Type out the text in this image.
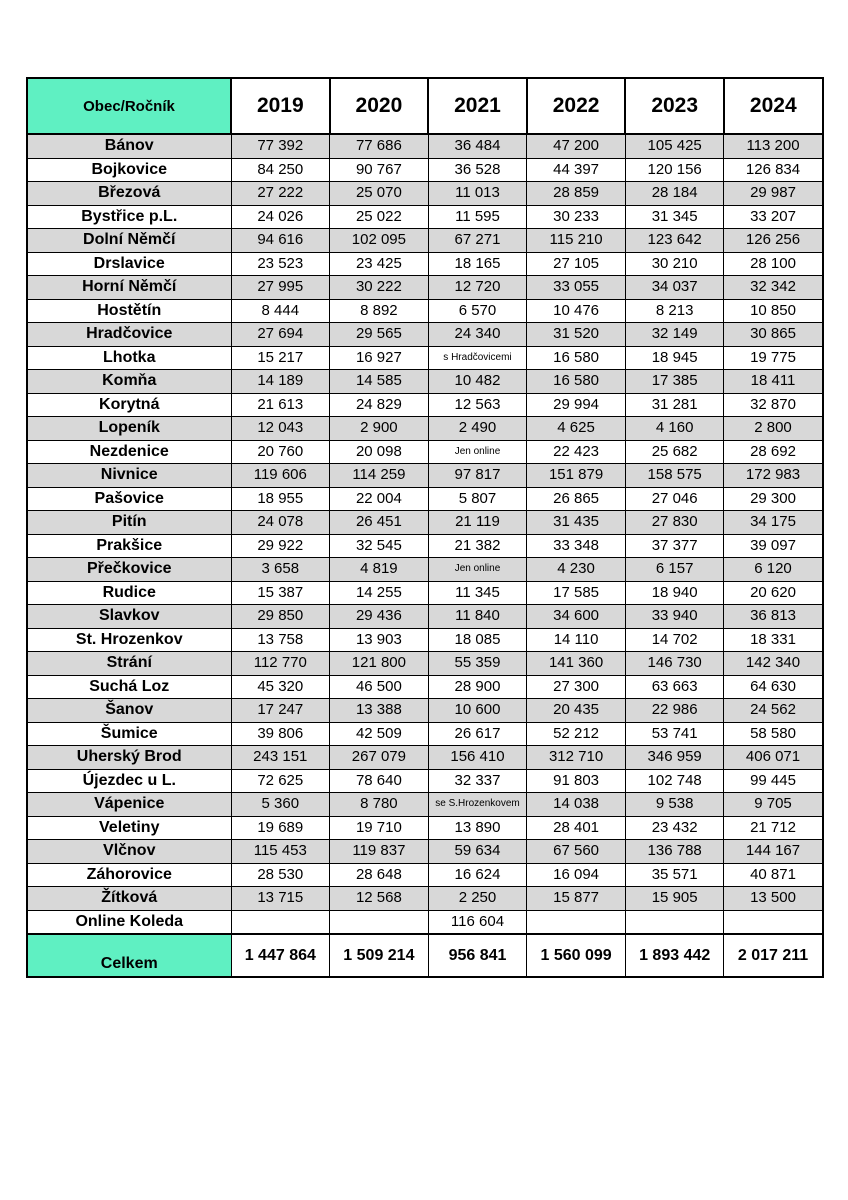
Obec/Ročník	2019	2020	2021	2022	2023	2024
Bánov	77 392	77 686	36 484	47 200	105 425	113 200
Bojkovice	84 250	90 767	36 528	44 397	120 156	126 834
Březová	27 222	25 070	11 013	28 859	28 184	29 987
Bystřice p.L.	24 026	25 022	11 595	30 233	31 345	33 207
Dolní Němčí	94 616	102 095	67 271	115 210	123 642	126 256
Drslavice	23 523	23 425	18 165	27 105	30 210	28 100
Horní Němčí	27 995	30 222	12 720	33 055	34 037	32 342
Hostětín	8 444	8 892	6 570	10 476	8 213	10 850
Hradčovice	27 694	29 565	24 340	31 520	32 149	30 865
Lhotka	15 217	16 927	s Hradčovicemi	16 580	18 945	19 775
Komňa	14 189	14 585	10 482	16 580	17 385	18 411
Korytná	21 613	24 829	12 563	29 994	31 281	32 870
Lopeník	12 043	2 900	2 490	4 625	4 160	2 800
Nezdenice	20 760	20 098	Jen online	22 423	25 682	28 692
Nivnice	119 606	114 259	97 817	151 879	158 575	172 983
Pašovice	18 955	22 004	5 807	26 865	27 046	29 300
Pitín	24 078	26 451	21 119	31 435	27 830	34 175
Prakšice	29 922	32 545	21 382	33 348	37 377	39 097
Přečkovice	3 658	4 819	Jen online	4 230	6 157	6 120
Rudice	15 387	14 255	11 345	17 585	18 940	20 620
Slavkov	29 850	29 436	11 840	34 600	33 940	36 813
St. Hrozenkov	13 758	13 903	18 085	14 110	14 702	18 331
Strání	112 770	121 800	55 359	141 360	146 730	142 340
Suchá Loz	45 320	46 500	28 900	27 300	63 663	64 630
Šanov	17 247	13 388	10 600	20 435	22 986	24 562
Šumice	39 806	42 509	26 617	52 212	53 741	58 580
Uherský Brod	243 151	267 079	156 410	312 710	346 959	406 071
Újezdec u L.	72 625	78 640	32 337	91 803	102 748	99 445
Vápenice	5 360	8 780	se S.Hrozenkovem	14 038	9 538	9 705
Veletiny	19 689	19 710	13 890	28 401	23 432	21 712
Vlčnov	115 453	119 837	59 634	67 560	136 788	144 167
Záhorovice	28 530	28 648	16 624	16 094	35 571	40 871
Žítková	13 715	12 568	2 250	15 877	15 905	13 500
Online Koleda			116 604			
Celkem	1 447 864	1 509 214	956 841	1 560 099	1 893 442	2 017 211
